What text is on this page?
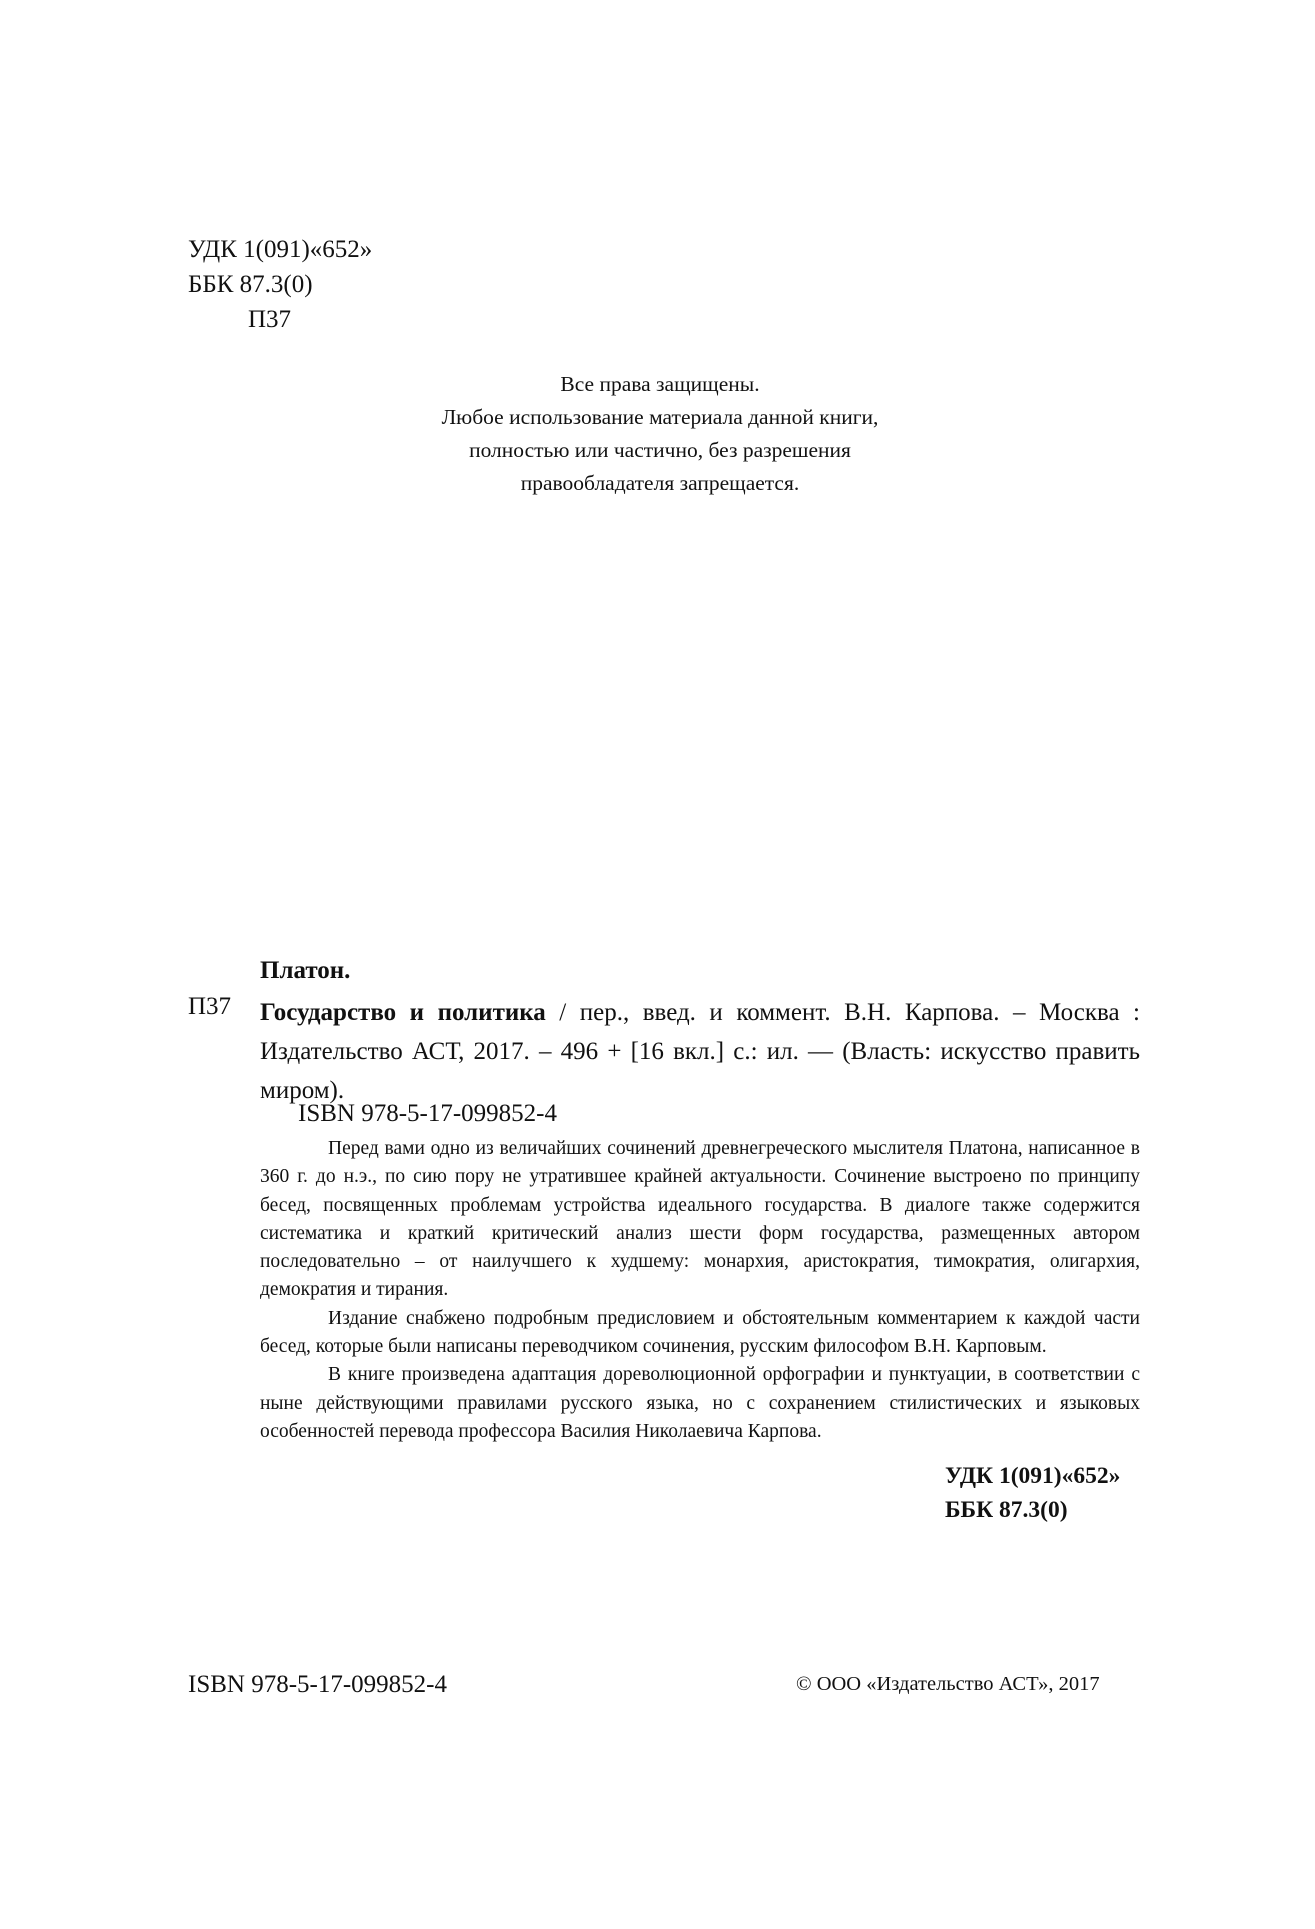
УДК 1(091)«652»
ББК 87.3(0)
П37
Все права защищены.
Любое использование материала данной книги,
полностью или частично, без разрешения
правообладателя запрещается.
Платон.
П37 Государство и политика / пер., введ. и коммент. В.Н. Карпова. – Москва : Издательство АСТ, 2017. – 496 + [16 вкл.] с.: ил. — (Власть: искусство править миром).
ISBN 978-5-17-099852-4

Перед вами одно из величайших сочинений древнегреческого мыслителя Платона, написанное в 360 г. до н.э., по сию пору не утратившее крайней актуальности. Сочинение выстроено по принципу бесед, посвященных проблемам устройства идеального государства. В диалоге также содержится систематика и краткий критический анализ шести форм государства, размещенных автором последовательно – от наилучшего к худшему: монархия, аристократия, тимократия, олигархия, демократия и тирания.

Издание снабжено подробным предисловием и обстоятельным комментарием к каждой части бесед, которые были написаны переводчиком сочинения, русским философом В.Н. Карповым.

В книге произведена адаптация дореволюционной орфографии и пунктуации, в соответствии с ныне действующими правилами русского языка, но с сохранением стилистических и языковых особенностей перевода профессора Василия Николаевича Карпова.

УДК 1(091)«652»
ББК 87.3(0)
ISBN 978-5-17-099852-4	© ООО «Издательство АСТ», 2017
